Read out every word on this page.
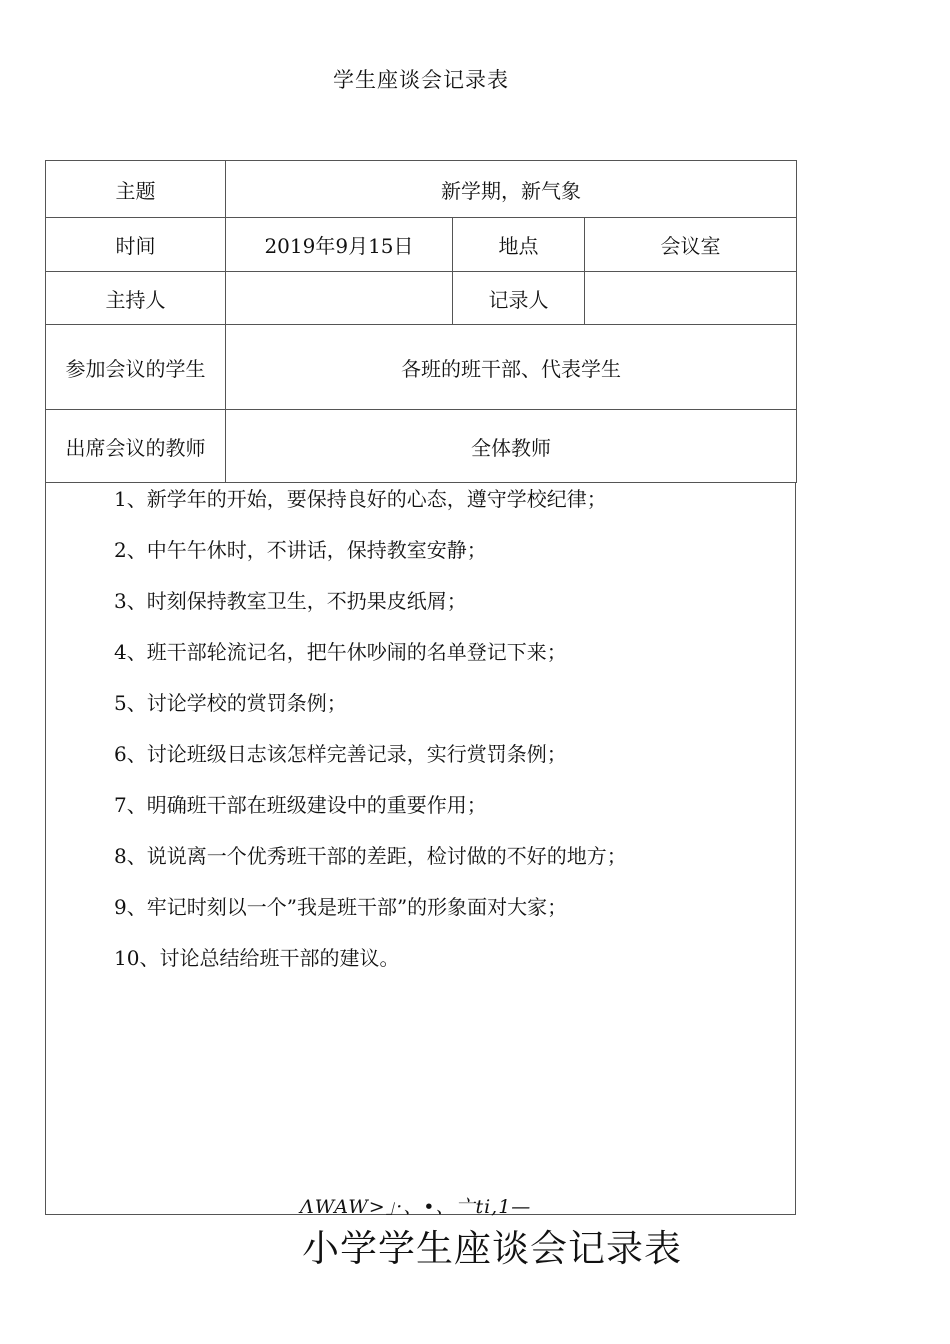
学生座谈会记录表
主题	新学期，新气象		
时间	2019年9月15日	地点	会议室
主持人		记录人	
参加会议的学生	各班的班干部、代表学生		
出席会议的教师	全体教师		
1、新学年的开始，要保持良好的心态，遵守学校纪律；
2、中午午休时，不讲话，保持教室安静；
3、时刻保持教室卫生，不扔果皮纸屑；
4、班干部轮流记名，把午休吵闹的名单登记下来；
5、讨论学校的赏罚条例；
6、讨论班级日志该怎样完善记录，实行赏罚条例；
7、明确班干部在班级建设中的重要作用；
8、说说离一个优秀班干部的差距，检讨做的不好的地方；
9、牢记时刻以一个”我是班干部”的形象面对大家；
10、讨论总结给班干部的建议。
ΛWAW>」·、•、亠ti,1—
小学学生座谈会记录表
